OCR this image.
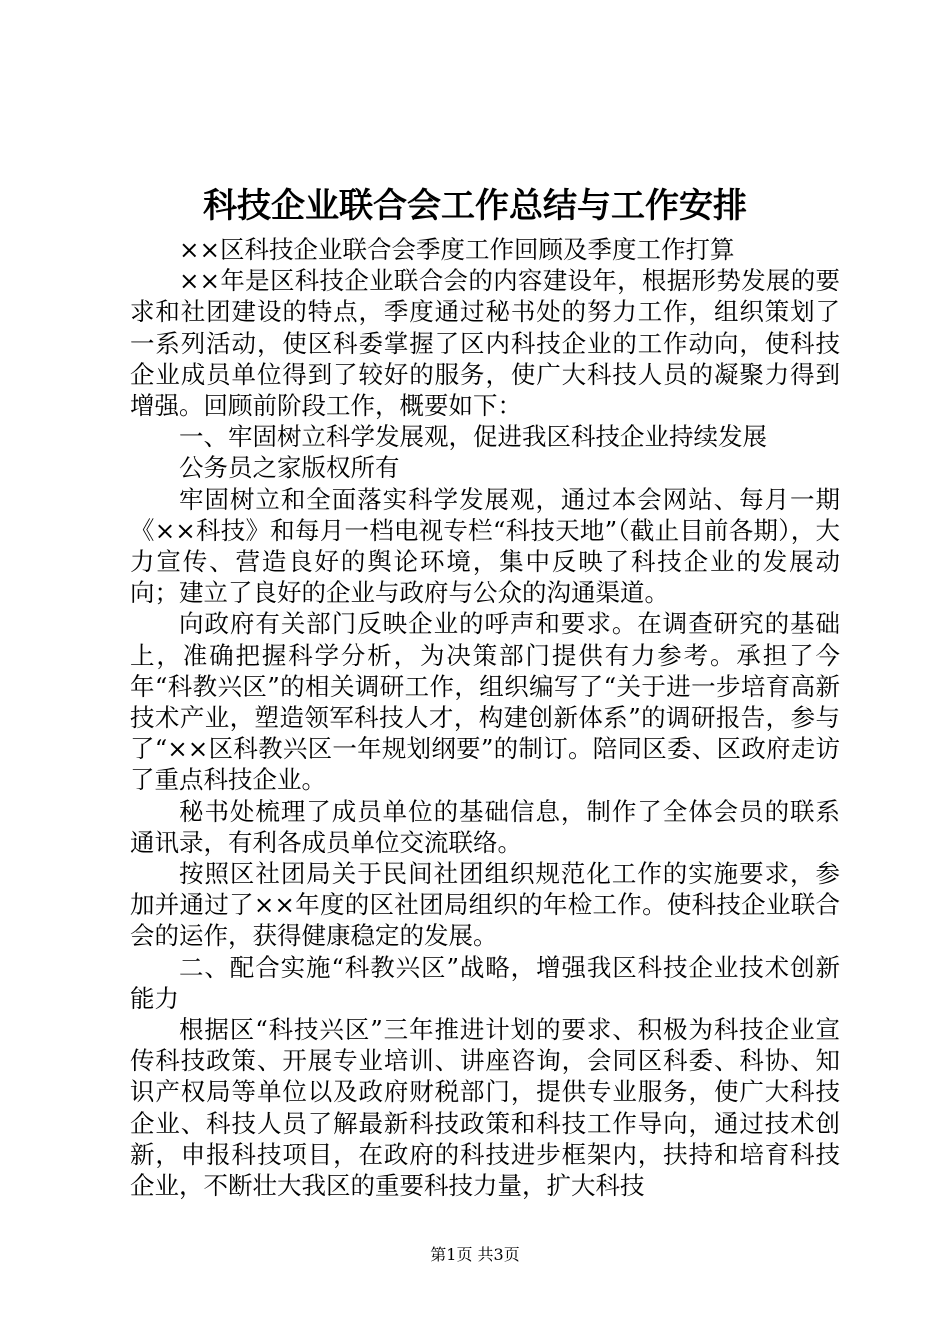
科技企业联合会工作总结与工作安排

××区科技企业联合会季度工作回顾及季度工作打算

××年是区科技企业联合会的内容建设年，根据形势发展的要求和社团建设的特点，季度通过秘书处的努力工作，组织策划了一系列活动，使区科委掌握了区内科技企业的工作动向，使科技企业成员单位得到了较好的服务，使广大科技人员的凝聚力得到增强。回顾前阶段工作，概要如下：

一、牢固树立科学发展观，促进我区科技企业持续发展

公务员之家版权所有

牢固树立和全面落实科学发展观，通过本会网站、每月一期《××科技》和每月一档电视专栏“科技天地”（截止目前各期），大力宣传、营造良好的舆论环境，集中反映了科技企业的发展动向；建立了良好的企业与政府与公众的沟通渠道。

向政府有关部门反映企业的呼声和要求。在调查研究的基础上，准确把握科学分析，为决策部门提供有力参考。承担了今年“科教兴区”的相关调研工作，组织编写了“关于进一步培育高新技术产业，塑造领军科技人才，构建创新体系”的调研报告，参与了“××区科教兴区一年规划纲要”的制订。陪同区委、区政府走访了重点科技企业。

秘书处梳理了成员单位的基础信息，制作了全体会员的联系通讯录，有利各成员单位交流联络。

按照区社团局关于民间社团组织规范化工作的实施要求，参加并通过了××年度的区社团局组织的年检工作。使科技企业联合会的运作，获得健康稳定的发展。

二、配合实施“科教兴区”战略，增强我区科技企业技术创新能力

根据区“科技兴区”三年推进计划的要求、积极为科技企业宣传科技政策、开展专业培训、讲座咨询，会同区科委、科协、知识产权局等单位以及政府财税部门，提供专业服务，使广大科技企业、科技人员了解最新科技政策和科技工作导向，通过技术创新，申报科技项目，在政府的科技进步框架内，扶持和培育科技企业，不断壮大我区的重要科技力量，扩大科技

第1页 共3页
